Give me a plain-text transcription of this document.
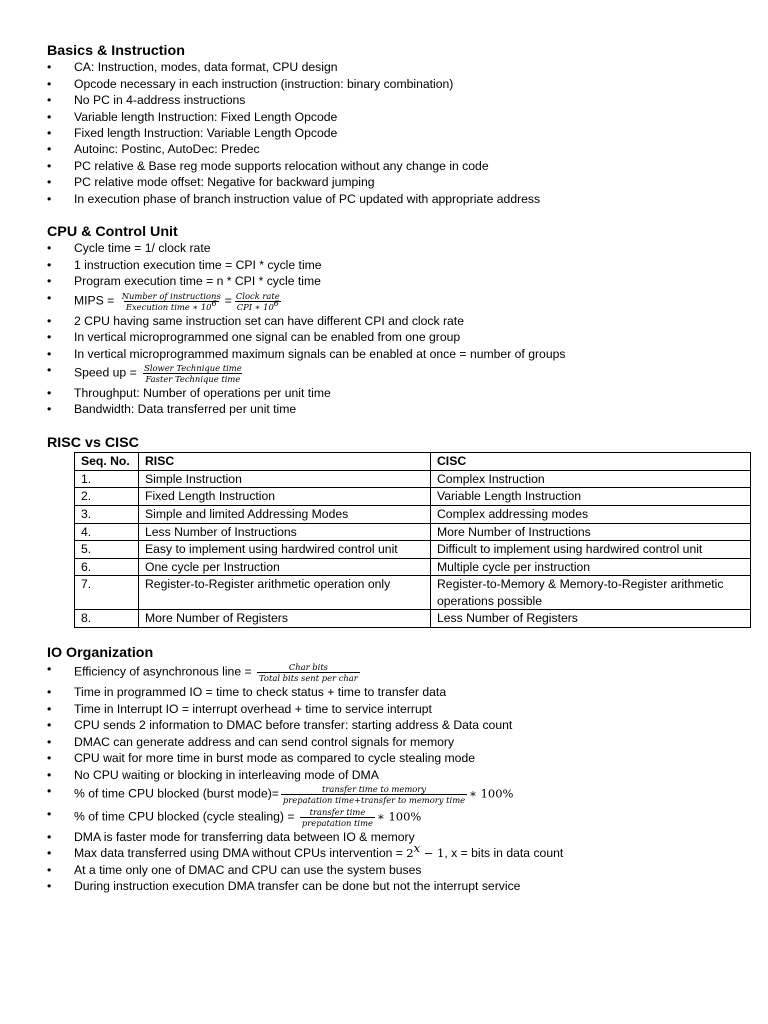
Basics & Instruction
• CA: Instruction, modes, data format, CPU design
• Opcode necessary in each instruction (instruction: binary combination)
• No PC in 4-address instructions
• Variable length Instruction: Fixed Length Opcode
• Fixed length Instruction: Variable Length Opcode
• Autoinc: Postinc, AutoDec: Predec
• PC relative & Base reg mode supports relocation without any change in code
• PC relative mode offset: Negative for backward jumping
• In execution phase of branch instruction value of PC updated with appropriate address
CPU & Control Unit
• Cycle time = 1/ clock rate
• 1 instruction execution time = CPI * cycle time
• Program execution time = n * CPI * cycle time
• MIPS = $\frac{\text{Number of instructions}}{Execution time ∗ 10^6} = \frac{\text{Clock rate}}{CPI ∗ 10^6}$
• 2 CPU having same instruction set can have different CPI and clock rate
• In vertical microprogrammed one signal can be enabled from one group
• In vertical microprogrammed maximum signals can be enabled at once = number of groups
• Speed up = $\frac{\text{Slower Technique time}}{\text{Faster Technique time}}$
• Throughput: Number of operations per unit time
• Bandwidth: Data transferred per unit time
RISC vs CISC
Seq. No.	RISC	CISC
1.	Simple Instruction	Complex Instruction
2.	Fixed Length Instruction	Variable Length Instruction
3.	Simple and limited Addressing Modes	Complex addressing modes
4.	Less Number of Instructions	More Number of Instructions
5.	Easy to implement using hardwired control unit	Difficult to implement using hardwired control unit
6.	One cycle per Instruction	Multiple cycle per instruction
7.	Register-to-Register arithmetic operation only	Register-to-Memory & Memory-to-Register arithmetic operations possible
8.	More Number of Registers	Less Number of Registers
IO Organization
• Efficiency of asynchronous line = $\frac{\text{Char bits}}{\text{Total bits sent per char}}$
• Time in programmed IO = time to check status + time to transfer data
• Time in Interrupt IO = interrupt overhead + time to service interrupt
• CPU sends 2 information to DMAC before transfer: starting address & Data count
• DMAC can generate address and can send control signals for memory
• CPU wait for more time in burst mode as compared to cycle stealing mode
• No CPU waiting or blocking in interleaving mode of DMA
• % of time CPU blocked (burst mode)= $\frac{\text{transfer time to memory}}{\text{prepatation time+transfer to memory time}}$ ∗ 100%
• % of time CPU blocked (cycle stealing) = $\frac{\text{transfer time}}{\text{prepatation time}}$ ∗ 100%
• DMA is faster mode for transferring data between IO & memory
• Max data transferred using DMA without CPUs intervention = $2^x - 1$, x = bits in data count
• At a time only one of DMAC and CPU can use the system buses
• During instruction execution DMA transfer can be done but not the interrupt service
